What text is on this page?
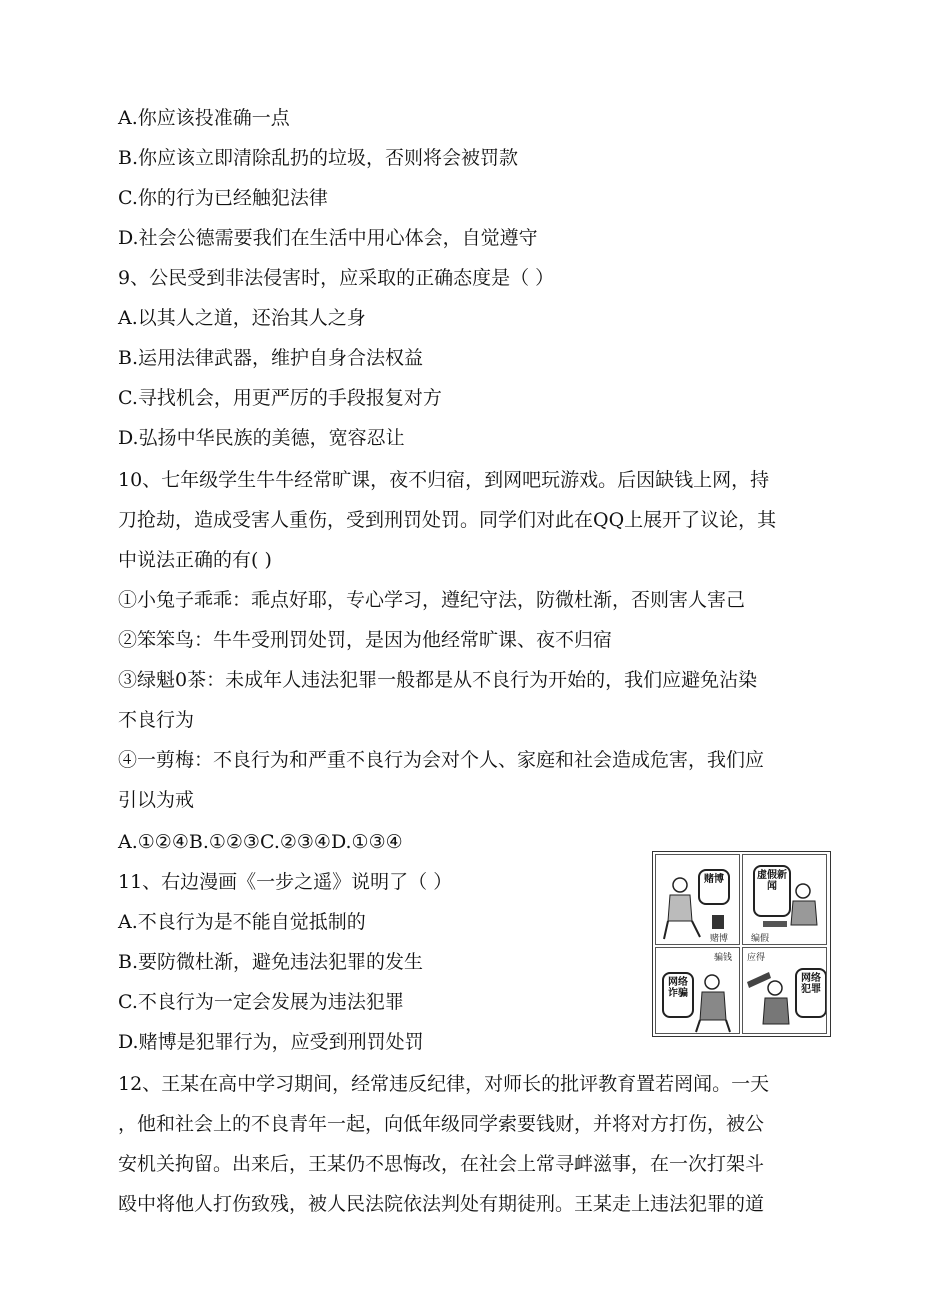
A.你应该投准确一点
B.你应该立即清除乱扔的垃圾，否则将会被罚款
C.你的行为已经触犯法律
D.社会公德需要我们在生活中用心体会，自觉遵守
9、公民受到非法侵害时，应采取的正确态度是（ ）
A.以其人之道，还治其人之身
B.运用法律武器，维护自身合法权益
C.寻找机会，用更严厉的手段报复对方
D.弘扬中华民族的美德，宽容忍让
10、七年级学生牛牛经常旷课，夜不归宿，到网吧玩游戏。后因缺钱上网，持
刀抢劫，造成受害人重伤，受到刑罚处罚。同学们对此在QQ上展开了议论，其
中说法正确的有( )
①小兔子乖乖：乖点好耶，专心学习，遵纪守法，防微杜渐，否则害人害己
②笨笨鸟：牛牛受刑罚处罚，是因为他经常旷课、夜不归宿
③绿魁0茶：未成年人违法犯罪一般都是从不良行为开始的，我们应避免沾染
不良行为
④一剪梅：不良行为和严重不良行为会对个人、家庭和社会造成危害，我们应
引以为戒
A.①②④B.①②③C.②③④D.①③④
11、右边漫画《一步之遥》说明了（ ）
A.不良行为是不能自觉抵制的
B.要防微杜渐，避免违法犯罪的发生
C.不良行为一定会发展为违法犯罪
D.赌博是犯罪行为，应受到刑罚处罚
赌博
赌博
虚假新闻
编假
骗钱
网络诈骗
应得
网络犯罪
12、王某在高中学习期间，经常违反纪律，对师长的批评教育置若罔闻。一天
，他和社会上的不良青年一起，向低年级同学索要钱财，并将对方打伤，被公
安机关拘留。出来后，王某仍不思悔改，在社会上常寻衅滋事，在一次打架斗
殴中将他人打伤致残，被人民法院依法判处有期徒刑。王某走上违法犯罪的道
